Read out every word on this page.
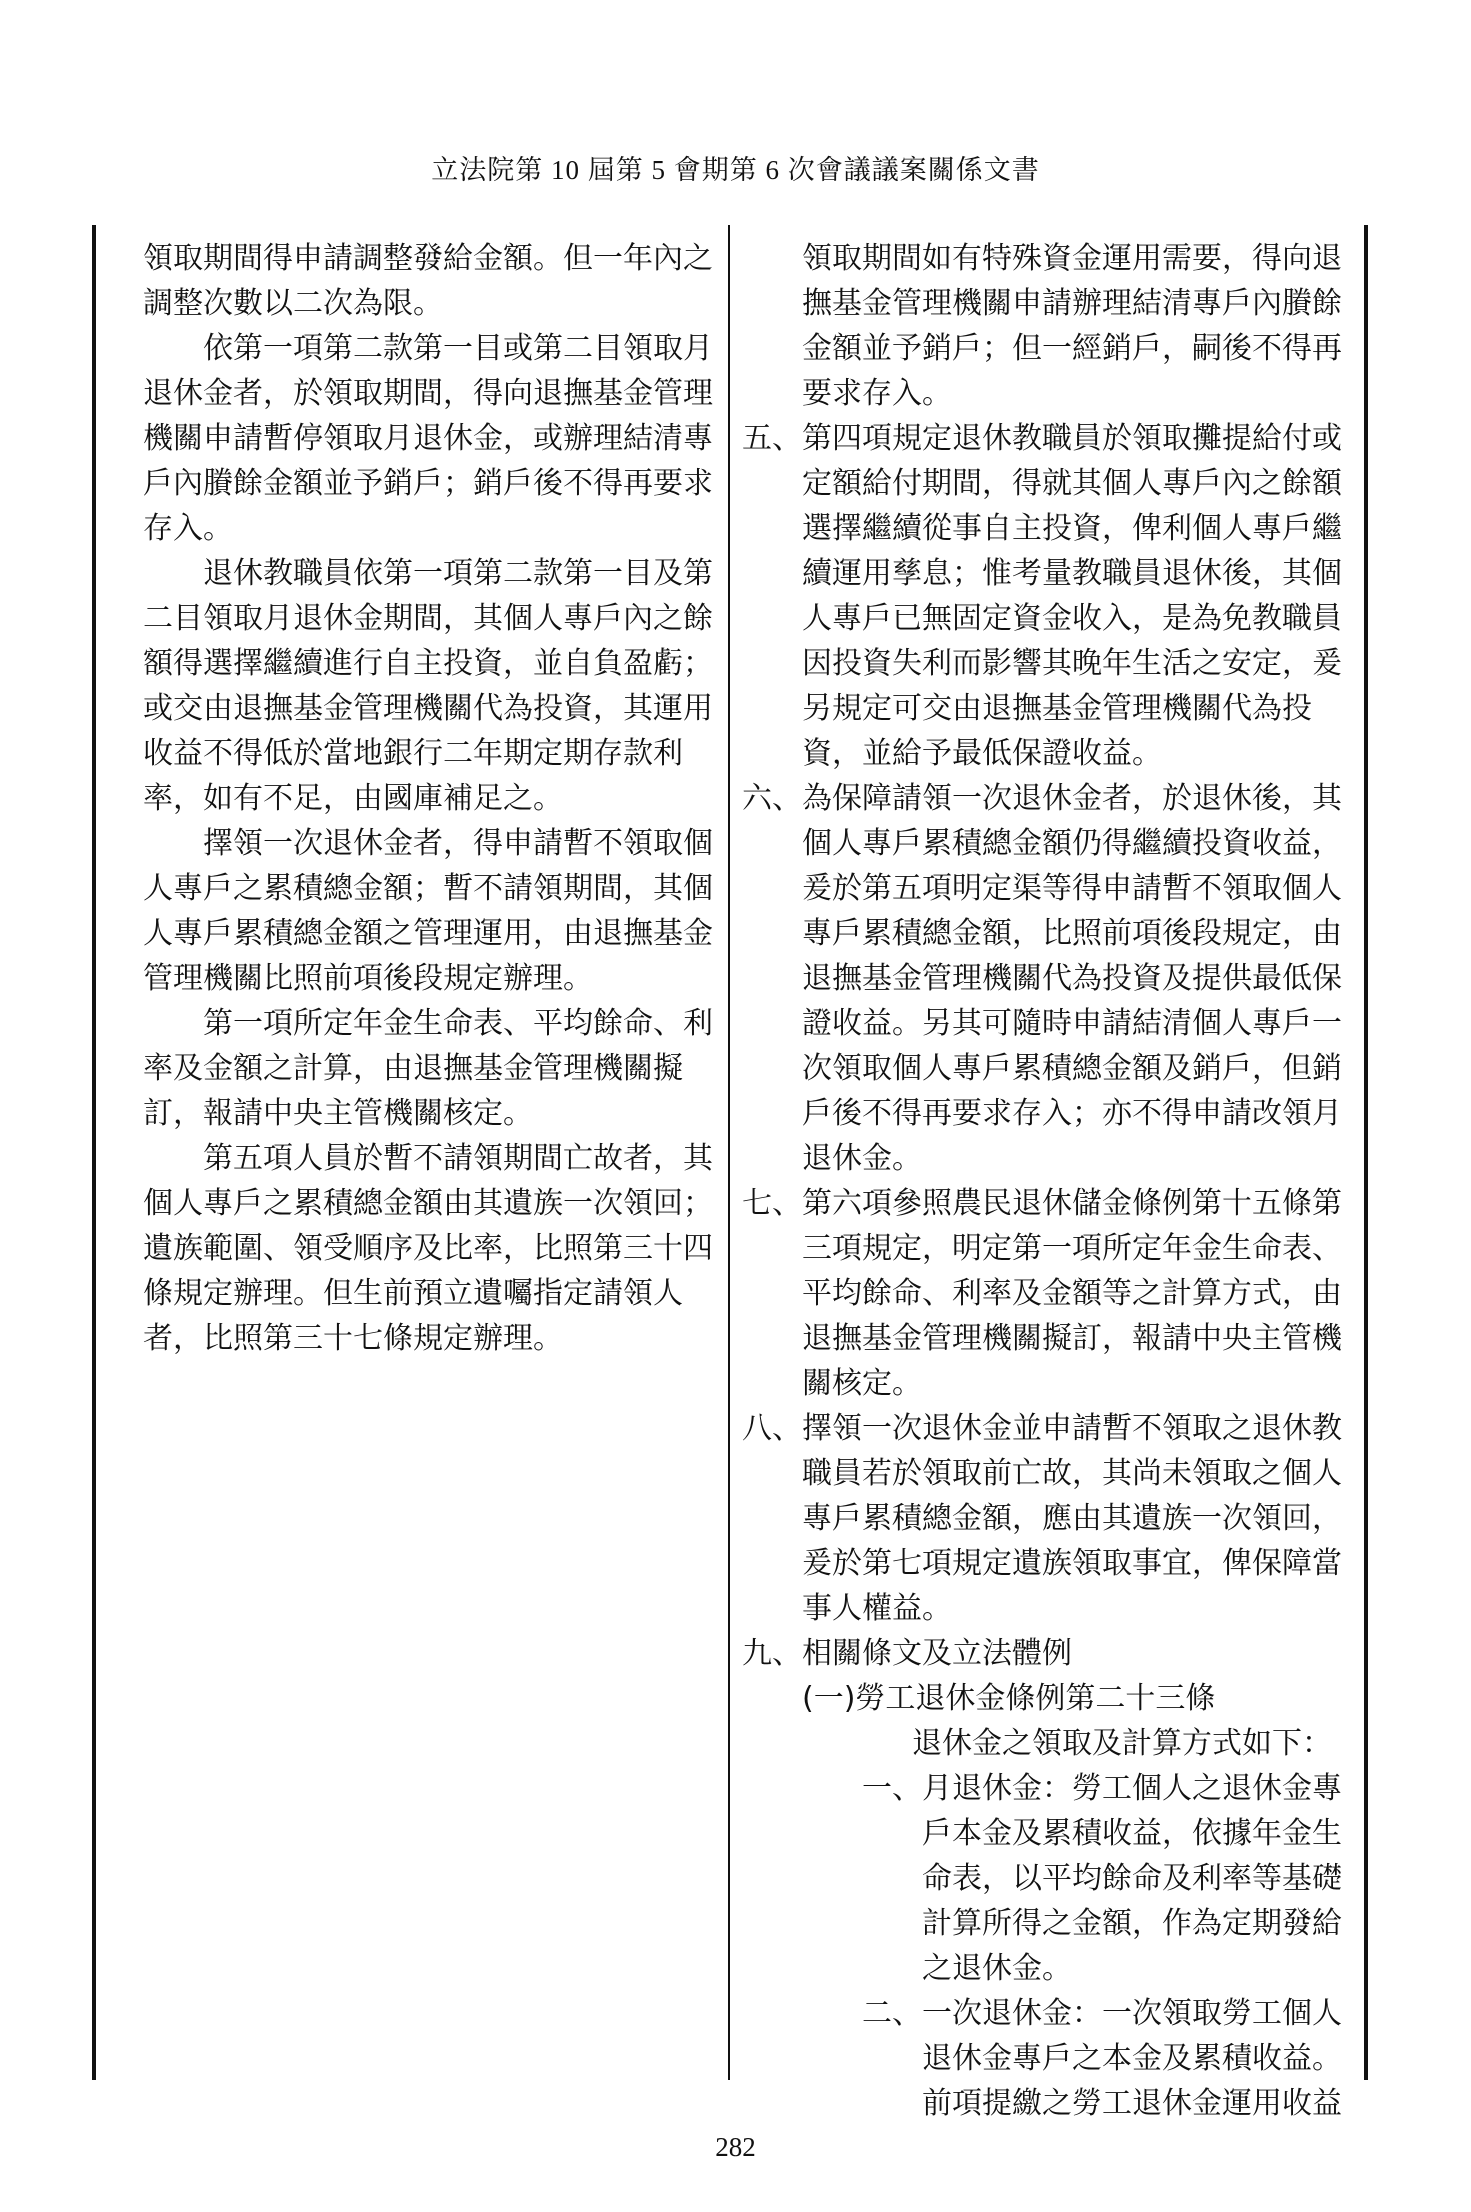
立法院第 10 屆第 5 會期第 6 次會議議案關係文書

領取期間得申請調整發給金額。但一年內之調整次數以二次為限。

依第一項第二款第一目或第二目領取月退休金者，於領取期間，得向退撫基金管理機關申請暫停領取月退休金，或辦理結清專戶內賸餘金額並予銷戶；銷戶後不得再要求存入。

退休教職員依第一項第二款第一目及第二目領取月退休金期間，其個人專戶內之餘額得選擇繼續進行自主投資，並自負盈虧；或交由退撫基金管理機關代為投資，其運用收益不得低於當地銀行二年期定期存款利率，如有不足，由國庫補足之。

擇領一次退休金者，得申請暫不領取個人專戶之累積總金額；暫不請領期間，其個人專戶累積總金額之管理運用，由退撫基金管理機關比照前項後段規定辦理。

第一項所定年金生命表、平均餘命、利率及金額之計算，由退撫基金管理機關擬訂，報請中央主管機關核定。

第五項人員於暫不請領期間亡故者，其個人專戶之累積總金額由其遺族一次領回；遺族範圍、領受順序及比率，比照第三十四條規定辦理。但生前預立遺囑指定請領人者，比照第三十七條規定辦理。

領取期間如有特殊資金運用需要，得向退撫基金管理機關申請辦理結清專戶內賸餘金額並予銷戶；但一經銷戶，嗣後不得再要求存入。
五、 第四項規定退休教職員於領取攤提給付或定額給付期間，得就其個人專戶內之餘額選擇繼續從事自主投資，俾利個人專戶繼續運用孳息；惟考量教職員退休後，其個人專戶已無固定資金收入，是為免教職員因投資失利而影響其晚年生活之安定，爰另規定可交由退撫基金管理機關代為投資，並給予最低保證收益。
六、 為保障請領一次退休金者，於退休後，其個人專戶累積總金額仍得繼續投資收益，爰於第五項明定渠等得申請暫不領取個人專戶累積總金額，比照前項後段規定，由退撫基金管理機關代為投資及提供最低保證收益。另其可隨時申請結清個人專戶一次領取個人專戶累積總金額及銷戶，但銷戶後不得再要求存入；亦不得申請改領月退休金。
七、 第六項參照農民退休儲金條例第十五條第三項規定，明定第一項所定年金生命表、平均餘命、利率及金額等之計算方式，由退撫基金管理機關擬訂，報請中央主管機關核定。
八、 擇領一次退休金並申請暫不領取之退休教職員若於領取前亡故，其尚未領取之個人專戶累積總金額，應由其遺族一次領回，爰於第七項規定遺族領取事宜，俾保障當事人權益。
九、 相關條文及立法體例
(一)勞工退休金條例第二十三條
退休金之領取及計算方式如下：
一、 月退休金：勞工個人之退休金專戶本金及累積收益，依據年金生命表，以平均餘命及利率等基礎計算所得之金額，作為定期發給之退休金。
二、 一次退休金：一次領取勞工個人退休金專戶之本金及累積收益。
前項提繳之勞工退休金運用收益
282
